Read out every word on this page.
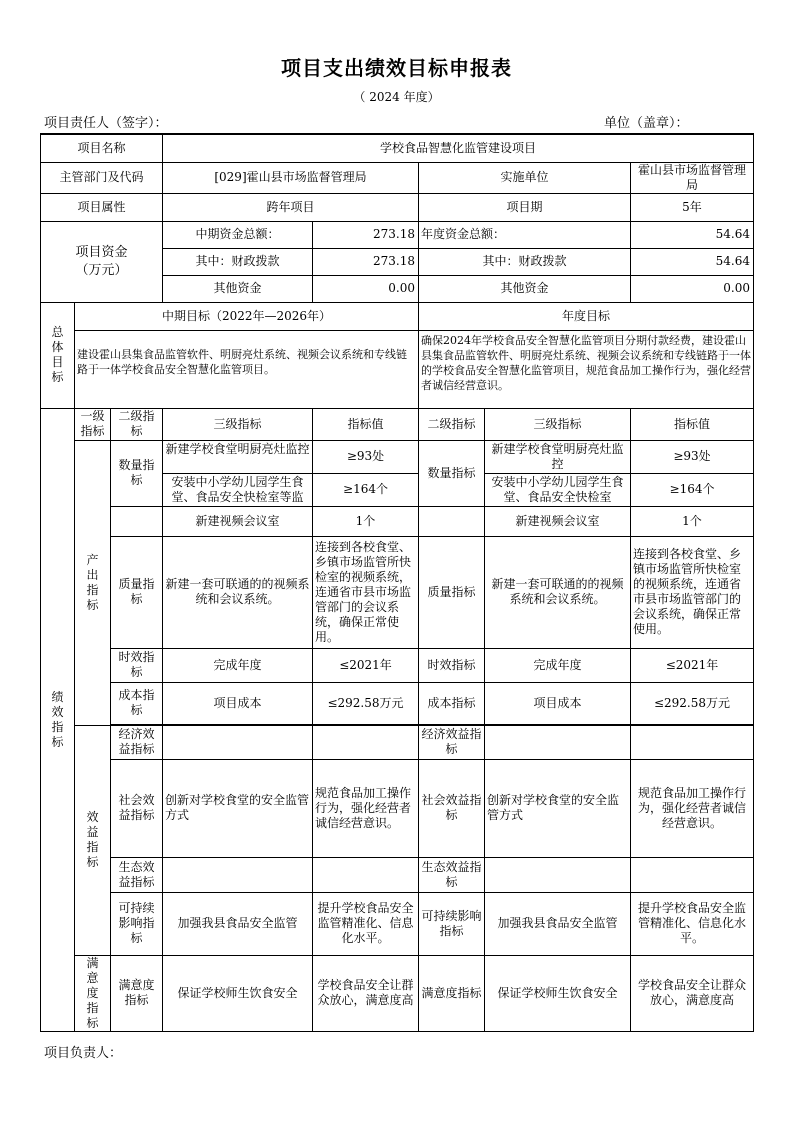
项目支出绩效目标申报表
（ 2024 年度）
项目责任人（签字）：	单位（盖章）：
项目名称			学校食品智慧化监管建设项目				
主管部门及代码			[029]霍山县市场监督管理局		实施单位		霍山县市场监督管理局
项目属性			跨年项目		项目期		5年

项目资金（万元）			中期资金总额：	273.18	年度资金总额：		54.64
			其中：财政拨款	273.18	其中：财政拨款		54.64
			其他资金	0.00	其他资金		0.00

总体目标	中期目标（2022年—2026年）				年度目标		
	建设霍山县集食品监管软件、明厨亮灶系统、视频会议系统和专线链路于一体学校食品安全智慧化监管项目。				确保2024年学校食品安全智慧化监管项目分期付款经费，建设霍山县集食品监管软件、明厨亮灶系统、视频会议系统和专线链路于一体的学校食品安全智慧化监管项目，规范食品加工操作行为，强化经营者诚信经营意识。		

绩效指标	一级指标	二级指标	三级指标	指标值	二级指标	三级指标	指标值

	产出指标	数量指标	新建学校食堂明厨亮灶监控	≥93处	数量指标	新建学校食堂明厨亮灶监控	≥93处

			安装中小学幼儿园学生食堂、食品安全快检室等监	≥164个		安装中小学幼儿园学生食堂、食品安全快检室	≥164个
			新建视频会议室	1个		新建视频会议室	1个
		质量指标	新建一套可联通的的视频系统和会议系统。	连接到各校食堂、乡镇市场监管所快检室的视频系统，连通省市县市场监管部门的会议系统，确保正常使用。	质量指标	新建一套可联通的的视频系统和会议系统。	连接到各校食堂、乡镇市场监管所快检室的视频系统，连通省市县市场监管部门的会议系统，确保正常使用。
		时效指标	完成年度	≤2021年	时效指标	完成年度	≤2021年
		成本指标	项目成本	≤292.58万元	成本指标	项目成本	≤292.58万元

	效益指标	经济效益指标			经济效益指标		
		社会效益指标	创新对学校食堂的安全监管方式	规范食品加工操作行为，强化经营者诚信经营意识。	社会效益指标	创新对学校食堂的安全监管方式	规范食品加工操作行为，强化经营者诚信经营意识。
		生态效益指标			生态效益指标		
		可持续影响指标	加强我县食品安全监管	提升学校食品安全监管精准化、信息化水平。	可持续影响指标	加强我县食品安全监管	提升学校食品安全监管精准化、信息化水平。

	满意度指标	满意度指标	保证学校师生饮食安全	学校食品安全让群众放心，满意度高	满意度指标	保证学校师生饮食安全	学校食品安全让群众放心，满意度高
项目负责人：
